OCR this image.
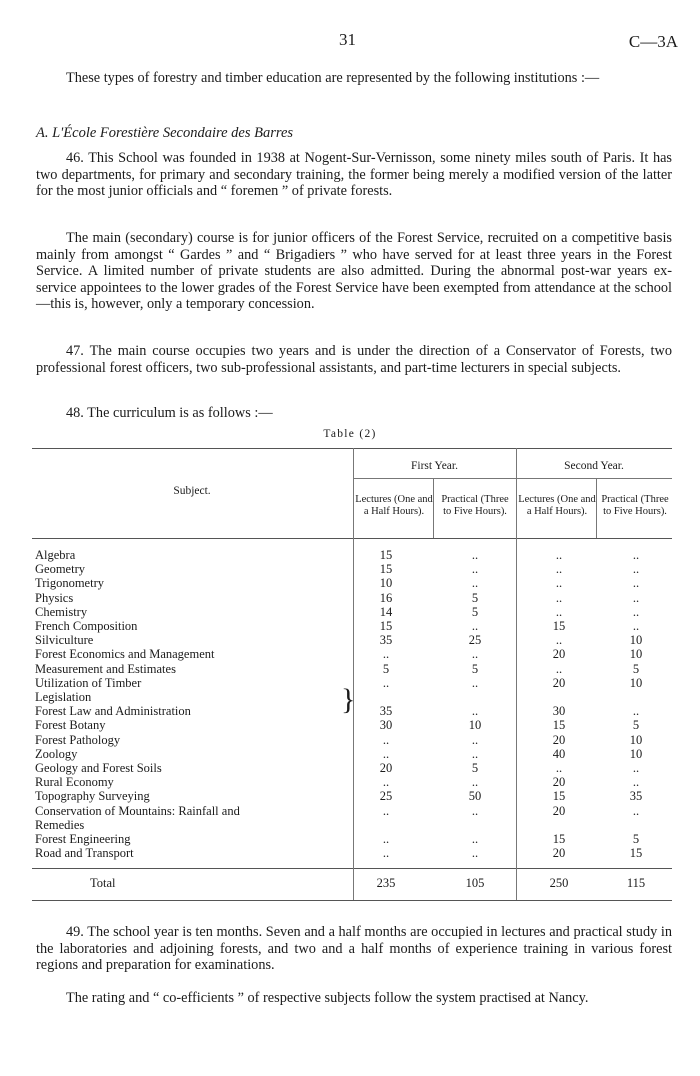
31	C—3A
These types of forestry and timber education are represented by the following institutions :—
A. L'École Forestière Secondaire des Barres
46. This School was founded in 1938 at Nogent-Sur-Vernisson, some ninety miles south of Paris. It has two departments, for primary and secondary training, the former being merely a modified version of the latter for the most junior officials and “ foremen ” of private forests.
The main (secondary) course is for junior officers of the Forest Service, recruited on a competitive basis mainly from amongst “ Gardes ” and “ Brigadiers ” who have served for at least three years in the Forest Service. A limited number of private students are also admitted. During the abnormal post-war years ex-service appointees to the lower grades of the Forest Service have been exempted from attendance at the school—this is, however, only a temporary concession.
47. The main course occupies two years and is under the direction of a Conservator of Forests, two professional forest officers, two sub-professional assistants, and part-time lecturers in special subjects.
48. The curriculum is as follows :—
Table (2)
First Year.	Second Year.
Subject.
Lectures (One and a Half Hours).
Practical (Three to Five Hours).
Lectures (One and a Half Hours).
Practical (Three to Five Hours).
Algebra	15	..	..	..
Geometry	15	..	..	..
Trigonometry	10	..	..	..
Physics	16	5	..	..
Chemistry	14	5	..	..
French Composition	15	..	15	..
Silviculture	35	25	..	10
Forest Economics and Management	..	..	20	10
Measurement and Estimates	5	5	..	5
Utilization of Timber	..	..	20	10
Legislation
Forest Law and Administration	35	..	30	..
Forest Botany	30	10	15	5
Forest Pathology	..	..	20	10
Zoology	..	..	40	10
Geology and Forest Soils	20	5	..	..
Rural Economy	..	..	20	..
Topography Surveying	25	50	15	35
Conservation of Mountains: Rainfall and
Remedies
..	..	20	..
Forest Engineering	..	..	15	5
Road and Transport	..	..	20	15
}
Total	235	105	250	115
49. The school year is ten months. Seven and a half months are occupied in lectures and practical study in the laboratories and adjoining forests, and two and a half months of experience training in various forest regions and preparation for examinations.
The rating and “ co-efficients ” of respective subjects follow the system practised at Nancy.
